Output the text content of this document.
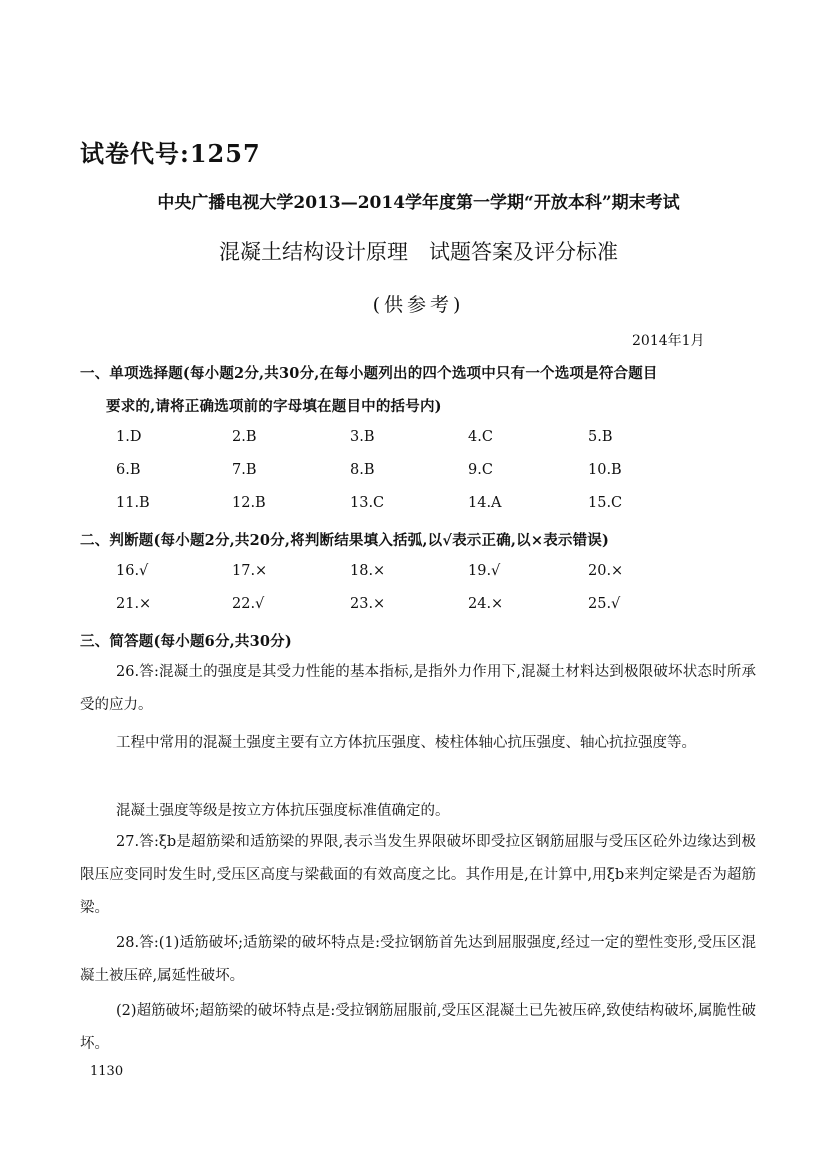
试卷代号:1257
中央广播电视大学2013—2014学年度第一学期“开放本科”期末考试
混凝土结构设计原理　试题答案及评分标准
(供参考)
2014年1月
一、单项选择题(每小题2分,共30分,在每小题列出的四个选项中只有一个选项是符合题目
要求的,请将正确选项前的字母填在题目中的括号内)
1.D	2.B	3.B	4.C	5.B
6.B	7.B	8.B	9.C	10.B
11.B	12.B	13.C	14.A	15.C
二、判断题(每小题2分,共20分,将判断结果填入括弧,以√表示正确,以×表示错误)
16.√	17.×	18.×	19.√	20.×
21.×	22.√	23.×	24.×	25.√
三、简答题(每小题6分,共30分)
26.答:混凝土的强度是其受力性能的基本指标,是指外力作用下,混凝土材料达到极限破坏状态时所承受的应力。
工程中常用的混凝土强度主要有立方体抗压强度、棱柱体轴心抗压强度、轴心抗拉强度等。
混凝土强度等级是按立方体抗压强度标准值确定的。
27.答:ξb是超筋梁和适筋梁的界限,表示当发生界限破坏即受拉区钢筋屈服与受压区砼外边缘达到极限压应变同时发生时,受压区高度与梁截面的有效高度之比。其作用是,在计算中,用ξb来判定梁是否为超筋梁。
28.答:(1)适筋破坏;适筋梁的破坏特点是:受拉钢筋首先达到屈服强度,经过一定的塑性变形,受压区混凝土被压碎,属延性破坏。
(2)超筋破坏;超筋梁的破坏特点是:受拉钢筋屈服前,受压区混凝土已先被压碎,致使结构破坏,属脆性破坏。
1130
